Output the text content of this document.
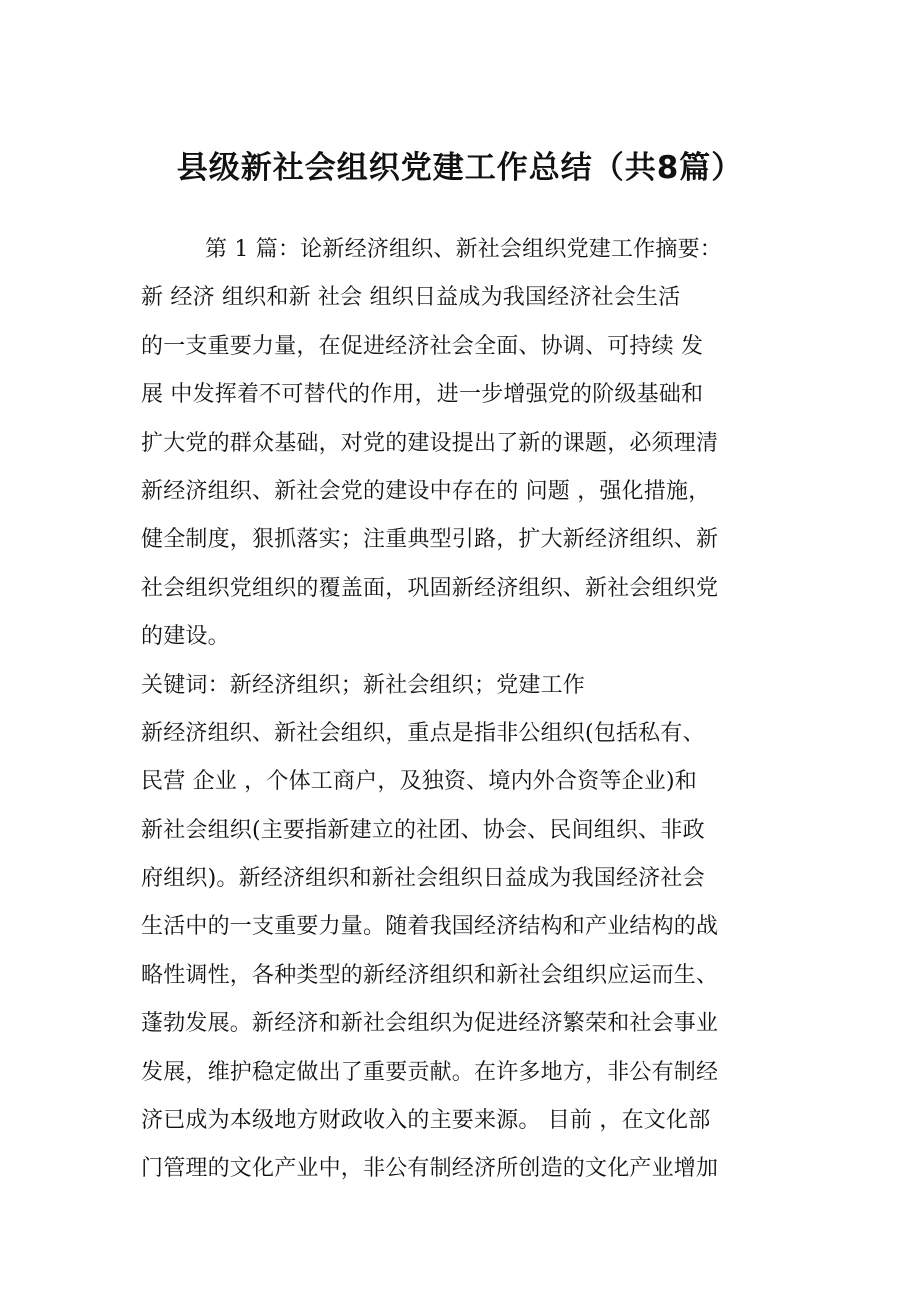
县级新社会组织党建工作总结（共8篇）
第 1 篇：论新经济组织、新社会组织党建工作摘要：
新 经济 组织和新 社会 组织日益成为我国经济社会生活
的一支重要力量，在促进经济社会全面、协调、可持续 发
展 中发挥着不可替代的作用，进一步增强党的阶级基础和
扩大党的群众基础，对党的建设提出了新的课题，必须理清
新经济组织、新社会党的建设中存在的 问题 ，强化措施，
健全制度，狠抓落实；注重典型引路，扩大新经济组织、新
社会组织党组织的覆盖面，巩固新经济组织、新社会组织党
的建设。
关键词：新经济组织；新社会组织；党建工作
新经济组织、新社会组织，重点是指非公组织(包括私有、
民营 企业 ，个体工商户，及独资、境内外合资等企业)和
新社会组织(主要指新建立的社团、协会、民间组织、非政
府组织)。新经济组织和新社会组织日益成为我国经济社会
生活中的一支重要力量。随着我国经济结构和产业结构的战
略性调性，各种类型的新经济组织和新社会组织应运而生、
蓬勃发展。新经济和新社会组织为促进经济繁荣和社会事业
发展，维护稳定做出了重要贡献。在许多地方，非公有制经
济已成为本级地方财政收入的主要来源。 目前 ，在文化部
门管理的文化产业中，非公有制经济所创造的文化产业增加
